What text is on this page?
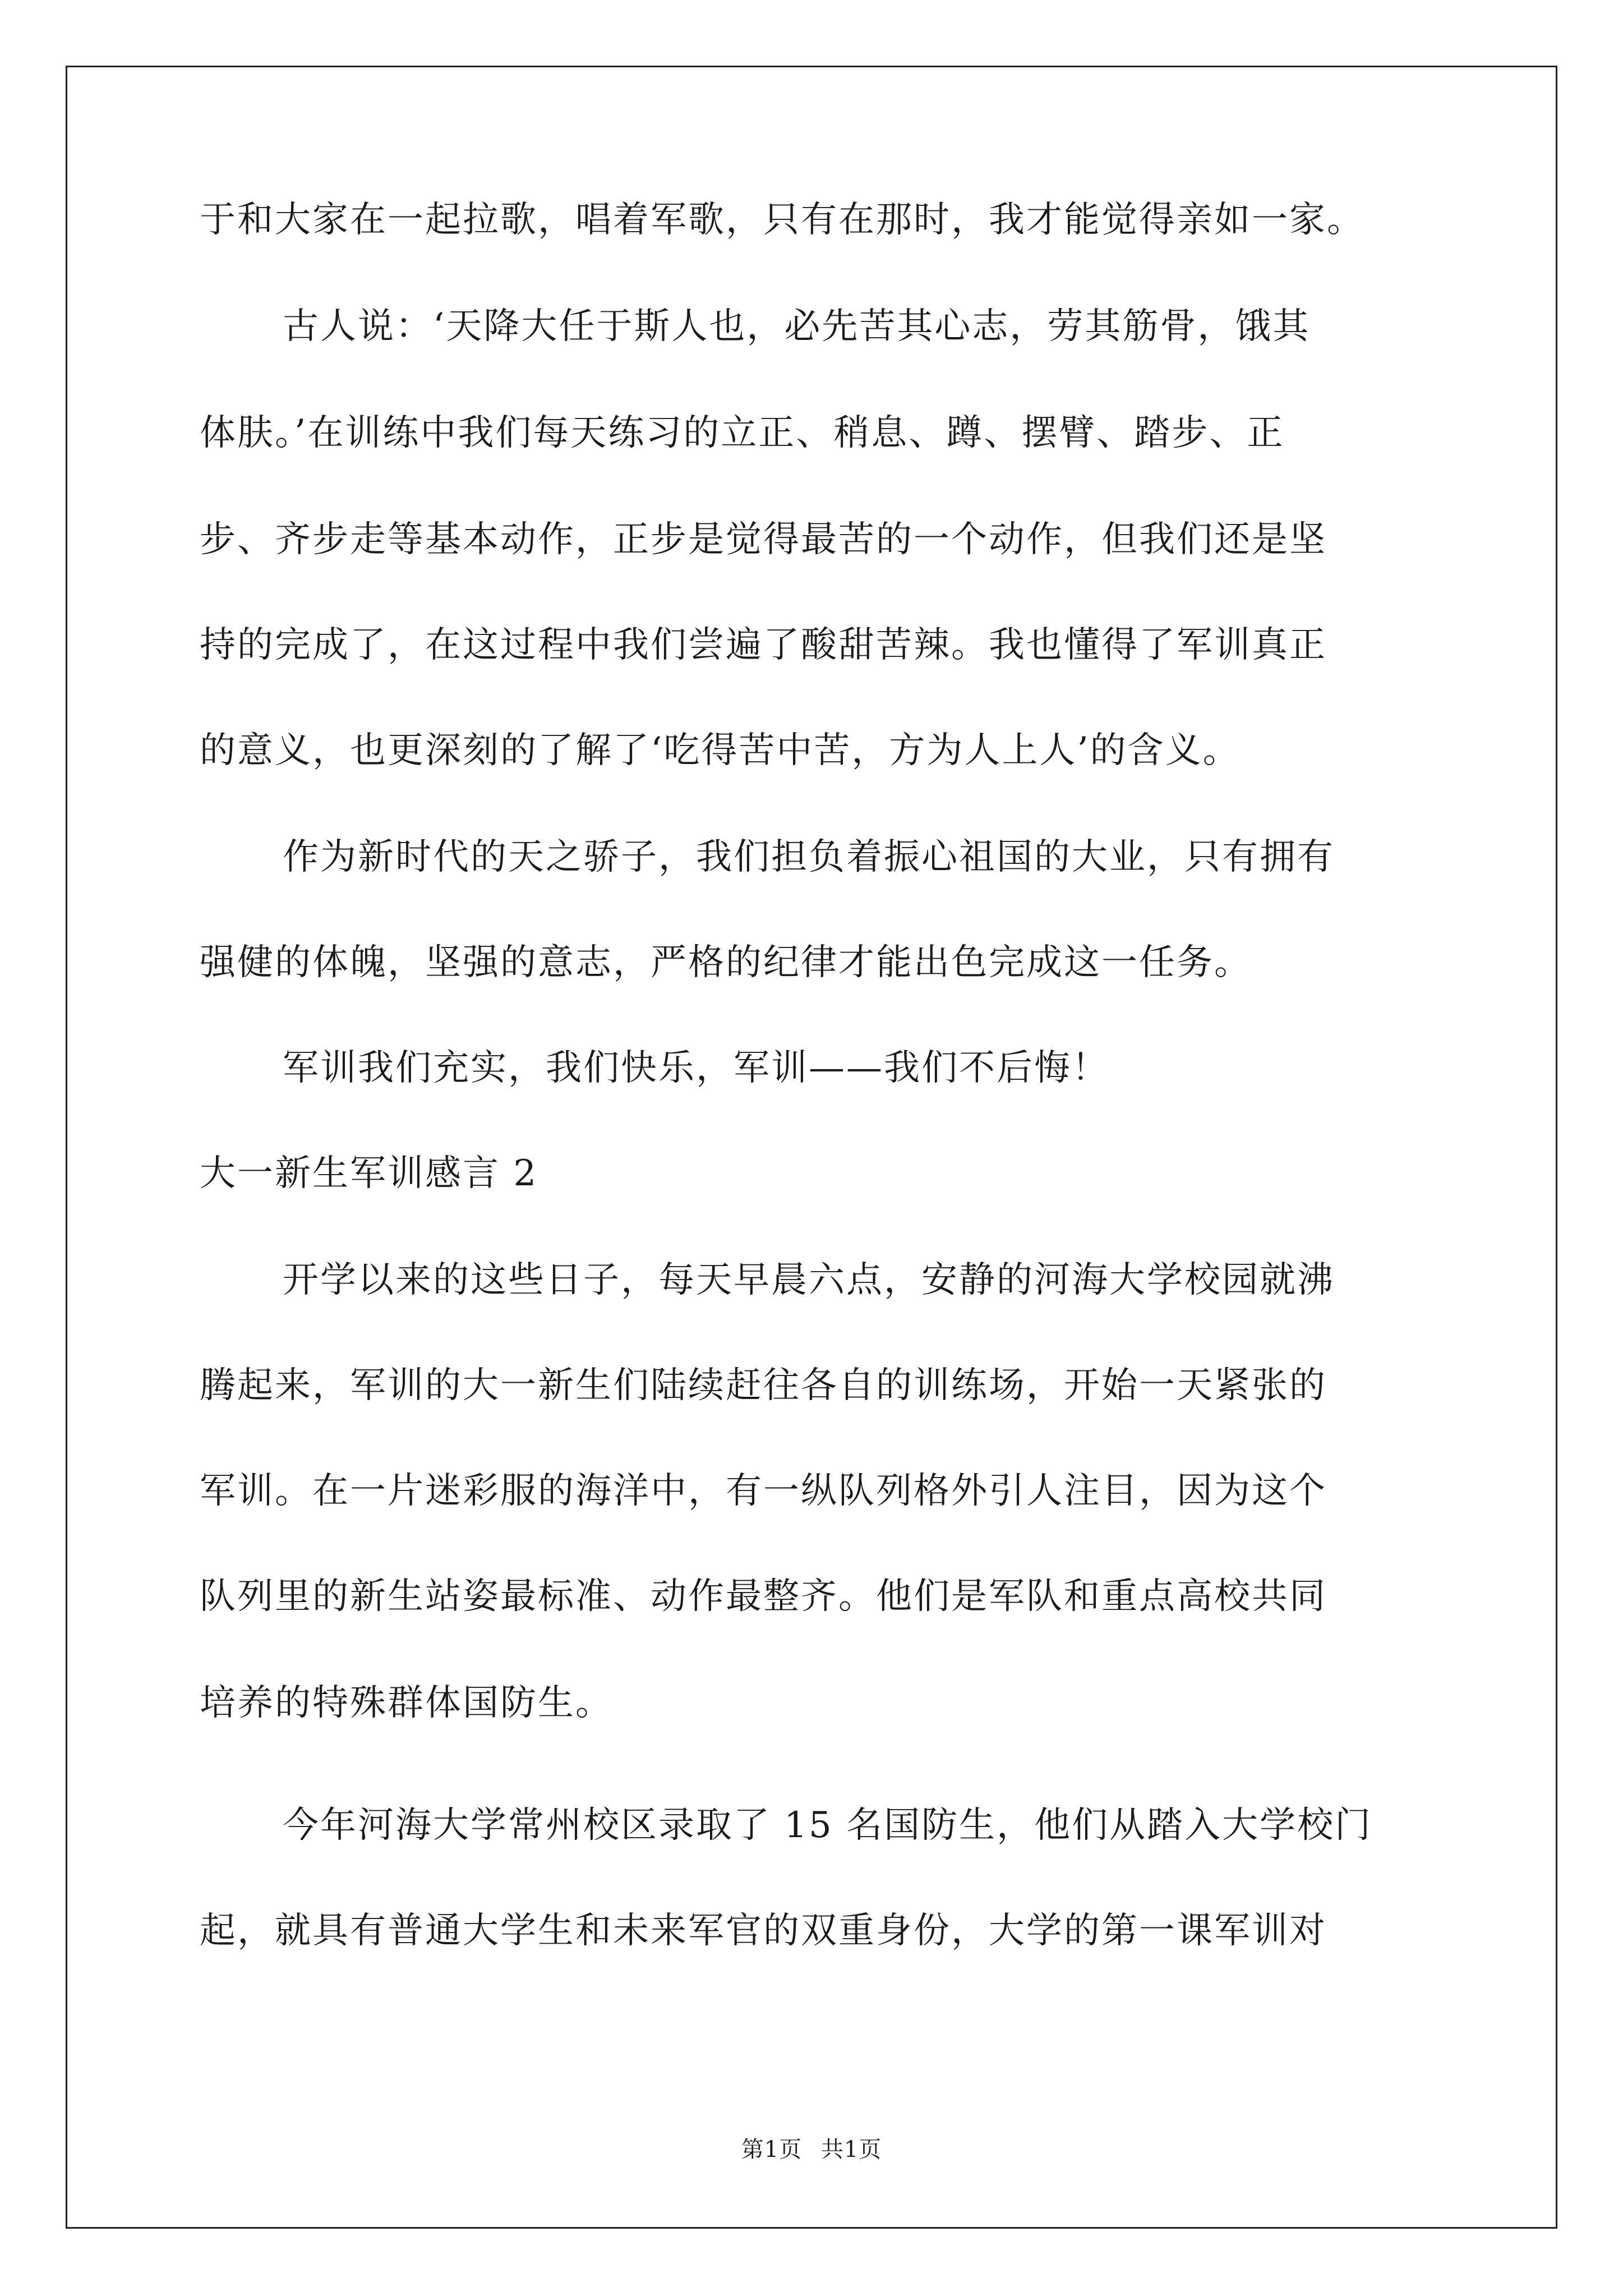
于和大家在一起拉歌，唱着军歌，只有在那时，我才能觉得亲如一家。

古人说：‘天降大任于斯人也，必先苦其心志，劳其筋骨，饿其

体肤。’在训练中我们每天练习的立正、稍息、蹲、摆臂、踏步、正

步、齐步走等基本动作，正步是觉得最苦的一个动作，但我们还是坚

持的完成了，在这过程中我们尝遍了酸甜苦辣。我也懂得了军训真正

的意义，也更深刻的了解了‘吃得苦中苦，方为人上人’的含义。

作为新时代的天之骄子，我们担负着振心祖国的大业，只有拥有

强健的体魄，坚强的意志，严格的纪律才能出色完成这一任务。

军训我们充实，我们快乐，军训——我们不后悔！

大一新生军训感言 2

开学以来的这些日子，每天早晨六点，安静的河海大学校园就沸

腾起来，军训的大一新生们陆续赶往各自的训练场，开始一天紧张的

军训。在一片迷彩服的海洋中，有一纵队列格外引人注目，因为这个

队列里的新生站姿最标准、动作最整齐。他们是军队和重点高校共同

培养的特殊群体国防生。

今年河海大学常州校区录取了 15 名国防生，他们从踏入大学校门

起，就具有普通大学生和未来军官的双重身份，大学的第一课军训对

第1页 共1页
